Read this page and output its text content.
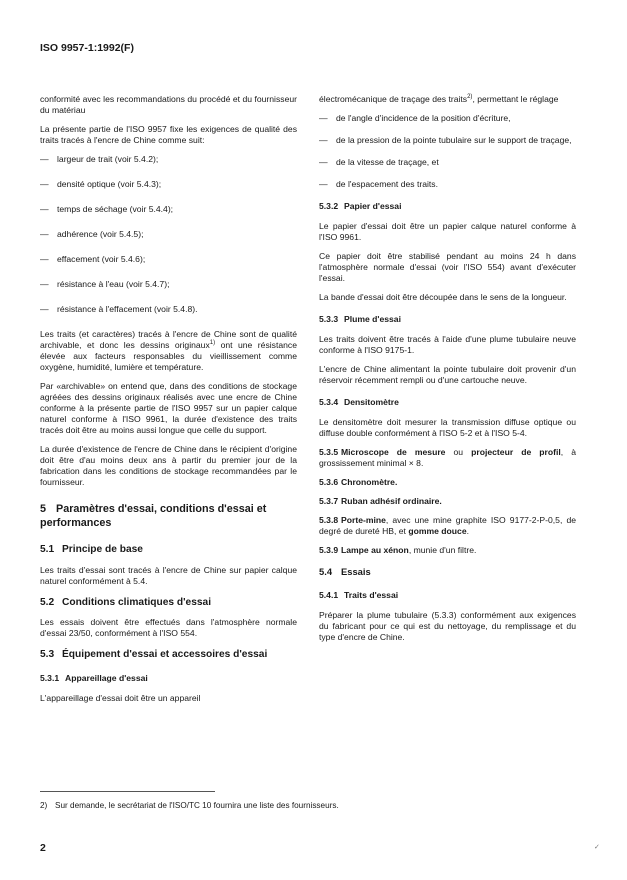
ISO 9957-1:1992(F)

conformité avec les recommandations du procédé et du fournisseur du matériau

La présente partie de l'ISO 9957 fixe les exigences de qualité des traits tracés à l'encre de Chine comme suit:

— largeur de trait (voir 5.4.2);
— densité optique (voir 5.4.3);
— temps de séchage (voir 5.4.4);
— adhérence (voir 5.4.5);
— effacement (voir 5.4.6);
— résistance à l'eau (voir 5.4.7);
— résistance à l'effacement (voir 5.4.8).

Les traits (et caractères) tracés à l'encre de Chine sont de qualité archivable, et donc les dessins originaux$^{1)}$ ont une résistance élevée aux facteurs responsables du vieillissement comme oxygène, humidité, lumière et température.

Par «archivable» on entend que, dans des conditions de stockage agréées des dessins originaux réalisés avec une encre de Chine conforme à la présente partie de l'ISO 9957 sur un papier calque naturel conforme à l'ISO 9961, la durée d'existence des traits tracés doit être au moins aussi longue que celle du support.

La durée d'existence de l'encre de Chine dans le récipient d'origine doit être d'au moins deux ans à partir du premier jour de la fabrication dans les conditions de stockage recommandées par le fournisseur.

5 Paramètres d'essai, conditions d'essai et performances
5.1 Principe de base

Les traits d'essai sont tracés à l'encre de Chine sur papier calque naturel conformément à 5.4.

5.2 Conditions climatiques d'essai

Les essais doivent être effectués dans l'atmosphère normale d'essai 23/50, conformément à l'ISO 554.

5.3 Équipement d'essai et accessoires d'essai
5.3.1 Appareillage d'essai

L'appareillage d'essai doit être un appareil

électromécanique de traçage des traits$^{2)}$, permettant le réglage

— de l'angle d'incidence de la position d'écriture,
— de la pression de la pointe tubulaire sur le support de traçage,
— de la vitesse de traçage, et
— de l'espacement des traits.
5.3.2 Papier d'essai

Le papier d'essai doit être un papier calque naturel conforme à l'ISO 9961.

Ce papier doit être stabilisé pendant au moins 24 h dans l'atmosphère normale d'essai (voir l'ISO 554) avant d'exécuter l'essai.

La bande d'essai doit être découpée dans le sens de la longueur.

5.3.3 Plume d'essai

Les traits doivent être tracés à l'aide d'une plume tubulaire neuve conforme à l'ISO 9175-1.

L'encre de Chine alimentant la pointe tubulaire doit provenir d'un réservoir récemment rempli ou d'une cartouche neuve.

5.3.4 Densitomètre

Le densitomètre doit mesurer la transmission diffuse optique ou diffuse double conformément à l'ISO 5-2 et à l'ISO 5-4.

5.3.5 Microscope de mesure ou projecteur de profil, à grossissement minimal × 8.

5.3.6 Chronomètre.

5.3.7 Ruban adhésif ordinaire.

5.3.8 Porte-mine, avec une mine graphite ISO 9177-2-P-0,5, de degré de dureté HB, et gomme douce.

5.3.9 Lampe au xénon, munie d'un filtre.

5.4 Essais
5.4.1 Traits d'essai

Préparer la plume tubulaire (5.3.3) conformément aux exigences du fabricant pour ce qui est du nettoyage, du remplissage et du type d'encre de Chine.

2) Sur demande, le secrétariat de l'ISO/TC 10 fournira une liste des fournisseurs.
2	✓
